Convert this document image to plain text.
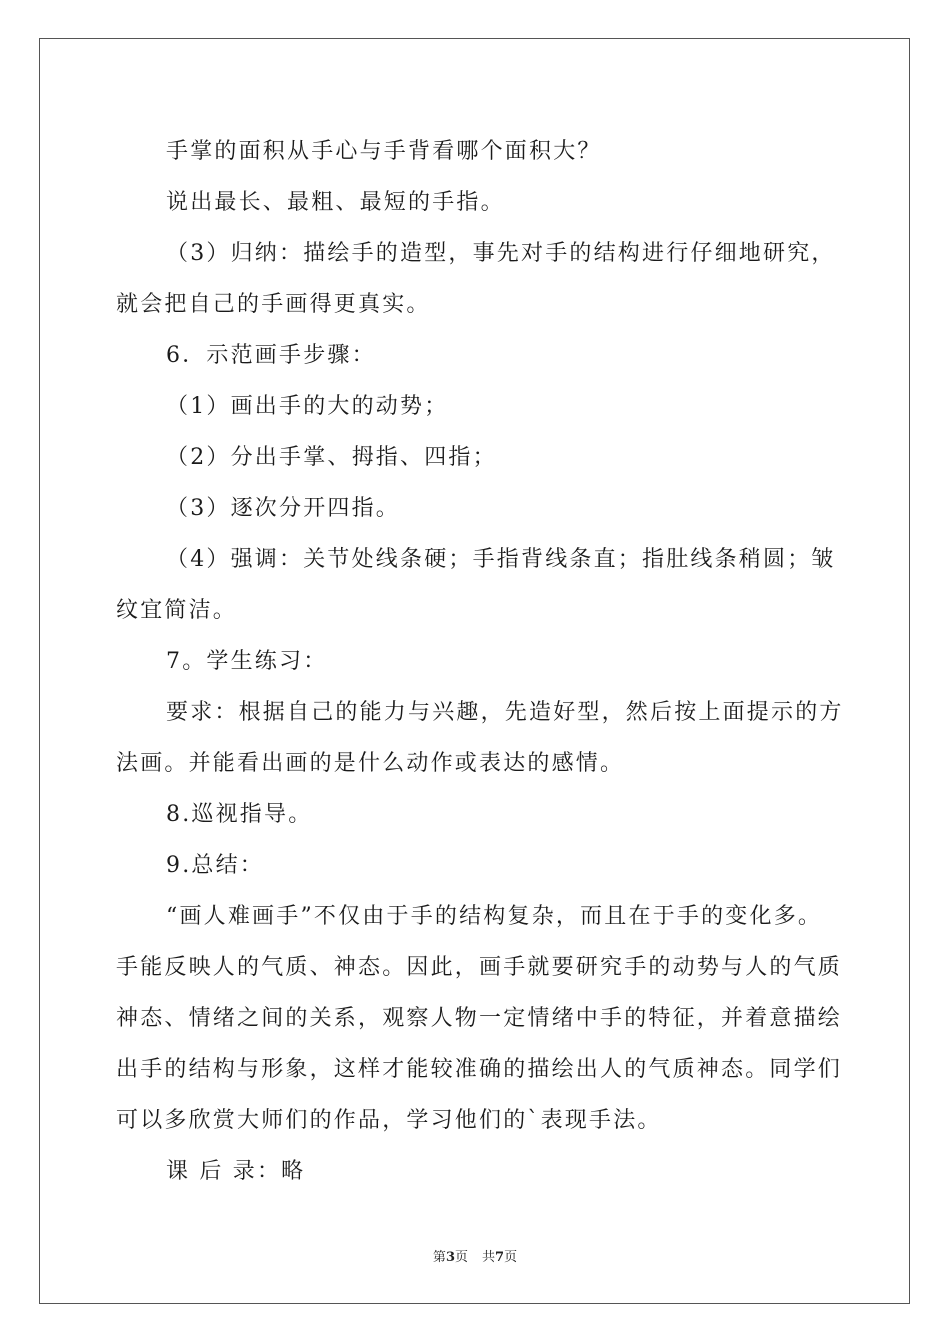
手掌的面积从手心与手背看哪个面积大？
说出最长、最粗、最短的手指。
（3）归纳：描绘手的造型，事先对手的结构进行仔细地研究，
就会把自己的手画得更真实。
6．示范画手步骤：
（1）画出手的大的动势；
（2）分出手掌、拇指、四指；
（3）逐次分开四指。
（4）强调：关节处线条硬；手指背线条直；指肚线条稍圆；皱
纹宜简洁。
7。学生练习：
要求：根据自己的能力与兴趣，先造好型，然后按上面提示的方
法画。并能看出画的是什么动作或表达的感情。
8.巡视指导。
9.总结：
“画人难画手”不仅由于手的结构复杂，而且在于手的变化多。
手能反映人的气质、神态。因此，画手就要研究手的动势与人的气质
神态、情绪之间的关系，观察人物一定情绪中手的特征，并着意描绘
出手的结构与形象，这样才能较准确的描绘出人的气质神态。同学们
可以多欣赏大师们的作品，学习他们的`表现手法。
课 后 录：略
第3页 共7页
